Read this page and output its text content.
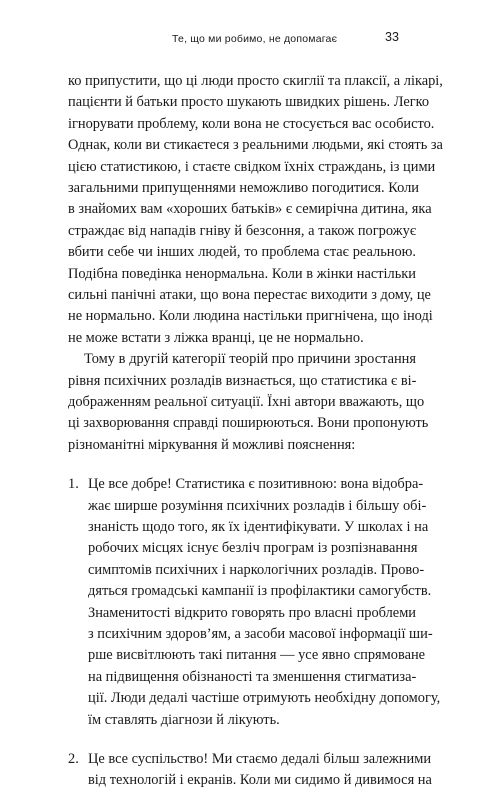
Те, що ми робимо, не допомагає	33
ко припустити, що ці люди просто скиглії та плаксії, а лікарі,
пацієнти й батьки просто шукають швидких рішень. Легко
ігнорувати проблему, коли вона не стосується вас особисто.
Однак, коли ви стикаєтеся з реальними людьми, які стоять за
цією статистикою, і стаєте свідком їхніх страждань, із цими
загальними припущеннями неможливо погодитися. Коли
в знайомих вам «хороших батьків» є семирічна дитина, яка
страждає від нападів гніву й безсоння, а також погрожує
вбити себе чи інших людей, то проблема стає реальною.
Подібна поведінка ненормальна. Коли в жінки настільки
сильні панічні атаки, що вона перестає виходити з дому, це
не нормально. Коли людина настільки пригнічена, що іноді
не може встати з ліжка вранці, це не нормально.
Тому в другій категорії теорій про причини зростання
рівня психічних розладів визнається, що статистика є ві-
дображенням реальної ситуації. Їхні автори вважають, що
ці захворювання справді поширюються. Вони пропонують
різноманітні міркування й можливі пояснення:
1. Це все добре! Статистика є позитивною: вона відобра-
жає ширше розуміння психічних розладів і більшу обі-
знаність щодо того, як їх ідентифікувати. У школах і на
робочих місцях існує безліч програм із розпізнавання
симптомів психічних і наркологічних розладів. Прово-
дяться громадські кампанії із профілактики самогубств.
Знаменитості відкрито говорять про власні проблеми
з психічним здоров’ям, а засоби масової інформації ши-
рше висвітлюють такі питання — усе явно спрямоване
на підвищення обізнаності та зменшення стигматиза-
ції. Люди дедалі частіше отримують необхідну допомогу,
їм ставлять діагнози й лікують.
2. Це все суспільство! Ми стаємо дедалі більш залежними
від технологій і екранів. Коли ми сидимо й дивимося на
